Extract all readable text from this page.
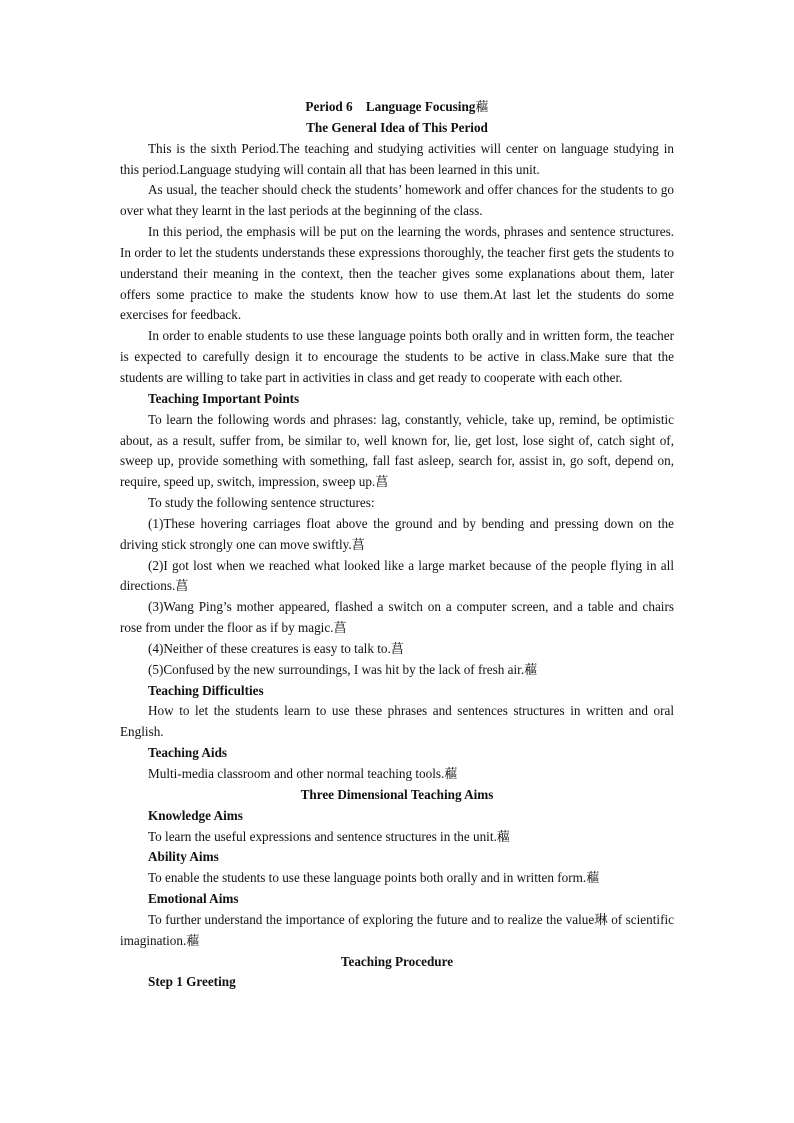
Period 6    Language Focusing藲

The General Idea of This Period

This is the sixth Period.The teaching and studying activities will center on language studying in this period.Language studying will contain all that has been learned in this unit.

As usual, the teacher should check the students’ homework and offer chances for the students to go over what they learnt in the last periods at the beginning of the class.

In this period, the emphasis will be put on the learning the words, phrases and sentence structures. In order to let the students understands these expressions thoroughly, the teacher first gets the students to understand their meaning in the context, then the teacher gives some explanations about them, later offers some practice to make the students know how to use them.At last let the students do some exercises for feedback.

In order to enable students to use these language points both orally and in written form, the teacher is expected to carefully design it to encourage the students to be active in class.Make sure that the students are willing to take part in activities in class and get ready to cooperate with each other.

Teaching Important Points

To learn the following words and phrases: lag, constantly, vehicle, take up, remind, be optimistic about, as a result, suffer from, be similar to, well known for, lie, get lost, lose sight of, catch sight of, sweep up, provide something with something, fall fast asleep, search for, assist in, go soft, depend on, require, speed up, switch, impression, sweep up.菖

To study the following sentence structures:

(1)These hovering carriages float above the ground and by bending and pressing down on the driving stick strongly one can move swiftly.菖

(2)I got lost when we reached what looked like a large market because of the people flying in all directions.菖

(3)Wang Ping’s mother appeared, flashed a switch on a computer screen, and a table and chairs rose from under the floor as if by magic.菖

(4)Neither of these creatures is easy to talk to.菖

(5)Confused by the new surroundings, I was hit by the lack of fresh air.藲

Teaching Difficulties

How to let the students learn to use these phrases and sentences structures in written and oral English.

Teaching Aids

Multi-media classroom and other normal teaching tools.藲

Three Dimensional Teaching Aims

Knowledge Aims

To learn the useful expressions and sentence structures in the unit.藲

Ability Aims

To enable the students to use these language points both orally and in written form.藲

Emotional Aims

To further understand the importance of exploring the future and to realize the value琳 of scientific imagination.藲

Teaching Procedure

Step 1 Greeting
